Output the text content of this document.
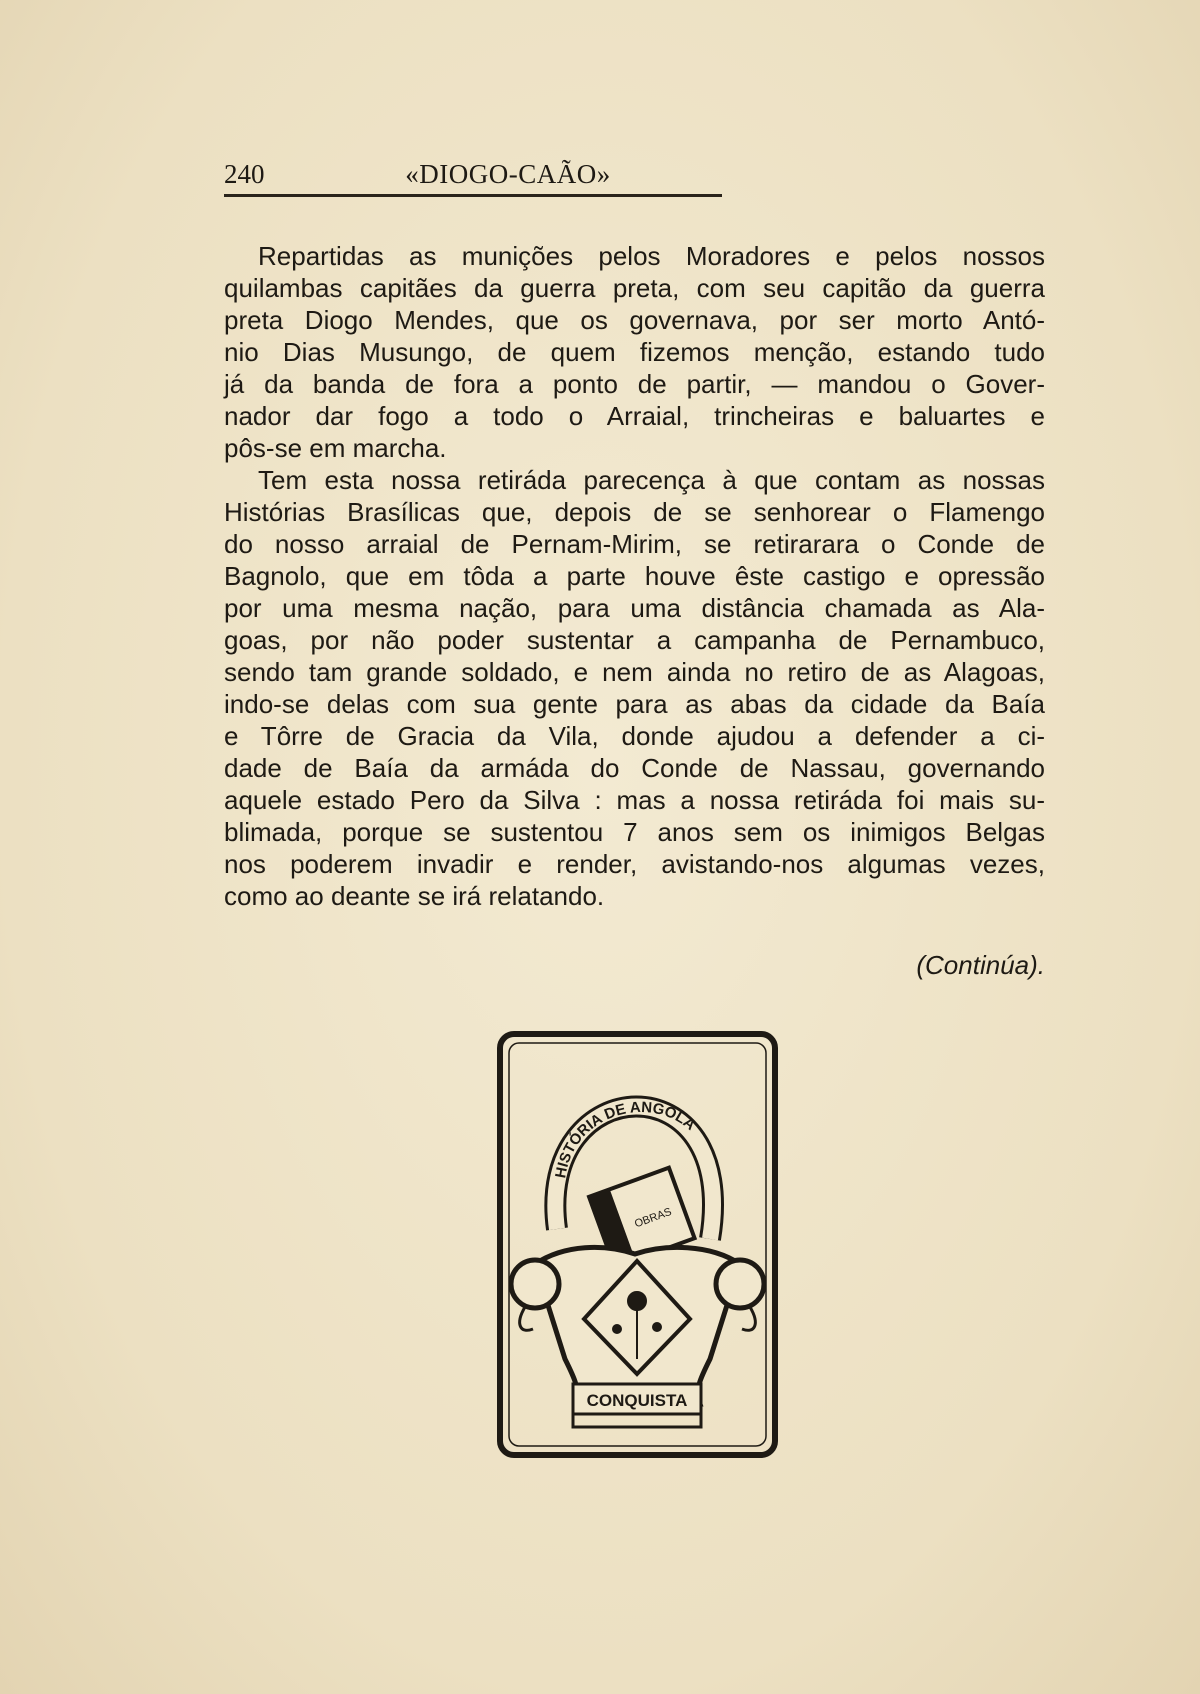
240	«DIOGO-CAÃO»
Repartidas as munições pelos Moradores e pelos nossos
quilambas capitães da guerra preta, com seu capitão da guerra
preta Diogo Mendes, que os governava, por ser morto Antó-
nio Dias Musungo, de quem fizemos menção, estando tudo
já da banda de fora a ponto de partir, — mandou o Gover-
nador dar fogo a todo o Arraial, trincheiras e baluartes e
pôs-se em marcha.
Tem esta nossa retiráda parecença à que contam as nossas
Histórias Brasílicas que, depois de se senhorear o Flamengo
do nosso arraial de Pernam-Mirim, se retirarara o Conde de
Bagnolo, que em tôda a parte houve êste castigo e opressão
por uma mesma nação, para uma distância chamada as Ala-
goas, por não poder sustentar a campanha de Pernambuco,
sendo tam grande soldado, e nem ainda no retiro de as Alagoas,
indo-se delas com sua gente para as abas da cidade da Baía
e Tôrre de Gracia da Vila, donde ajudou a defender a ci-
dade de Baía da armáda do Conde de Nassau, governando
aquele estado Pero da Silva : mas a nossa retiráda foi mais su-
blimada, porque se sustentou 7 anos sem os inimigos Belgas
nos poderem invadir e render, avistando-nos algumas vezes,
como ao deante se irá relatando.
(Continúa).
HISTÓRIA DE ANGOLA
OBRAS
CONQUISTA
